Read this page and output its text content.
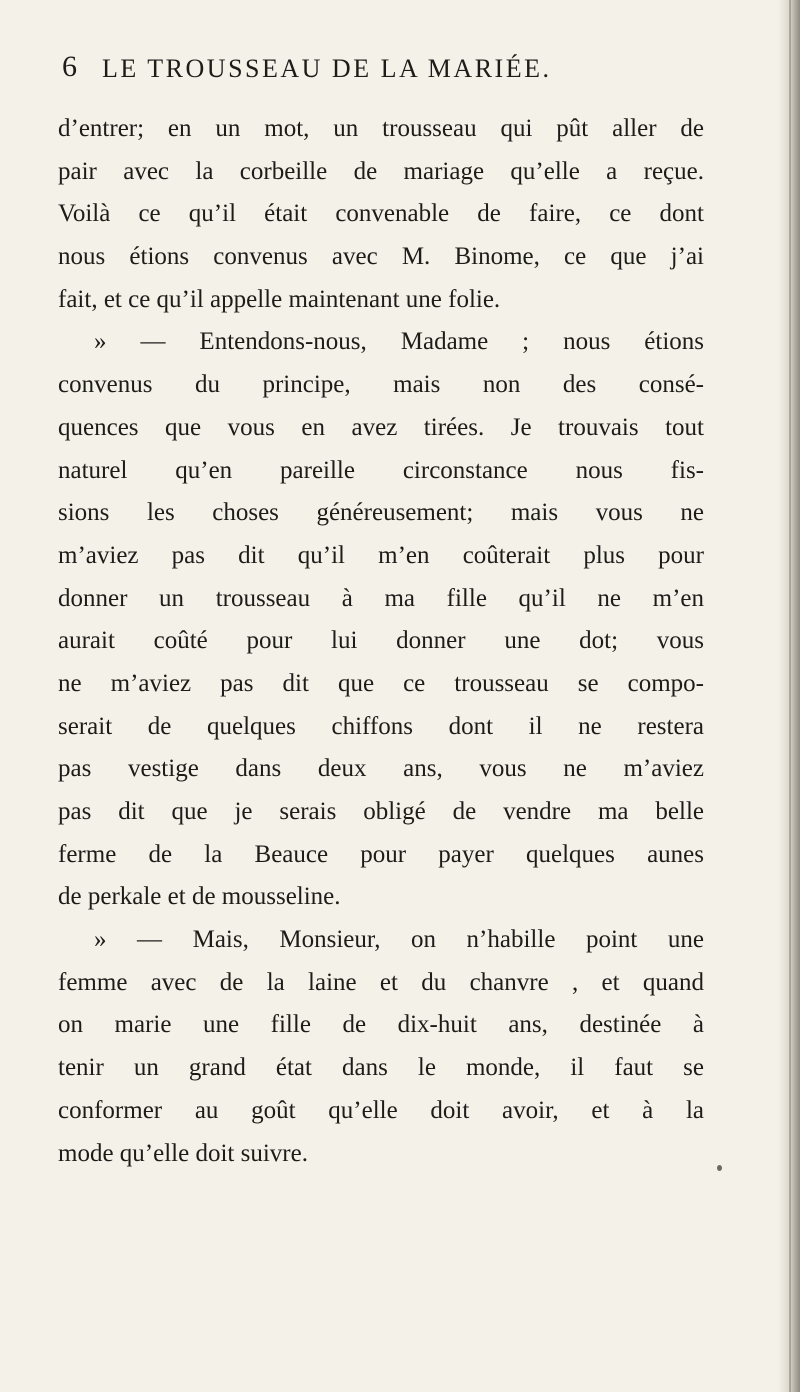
6 LE TROUSSEAU DE LA MARIÉE.
d’entrer; en un mot, un trousseau qui pût aller de
pair avec la corbeille de mariage qu’elle a reçue.
Voilà ce qu’il était convenable de faire, ce dont
nous étions convenus avec M. Binome, ce que j’ai
fait, et ce qu’il appelle maintenant une folie.
» — Entendons-nous, Madame ; nous étions
convenus du principe, mais non des consé-
quences que vous en avez tirées. Je trouvais tout
naturel qu’en pareille circonstance nous fis-
sions les choses généreusement; mais vous ne
m’aviez pas dit qu’il m’en coûterait plus pour
donner un trousseau à ma fille qu’il ne m’en
aurait coûté pour lui donner une dot; vous
ne m’aviez pas dit que ce trousseau se compo-
serait de quelques chiffons dont il ne restera
pas vestige dans deux ans, vous ne m’aviez
pas dit que je serais obligé de vendre ma belle
ferme de la Beauce pour payer quelques aunes
de perkale et de mousseline.
» — Mais, Monsieur, on n’habille point une
femme avec de la laine et du chanvre , et quand
on marie une fille de dix-huit ans, destinée à
tenir un grand état dans le monde, il faut se
conformer au goût qu’elle doit avoir, et à la
mode qu’elle doit suivre.
